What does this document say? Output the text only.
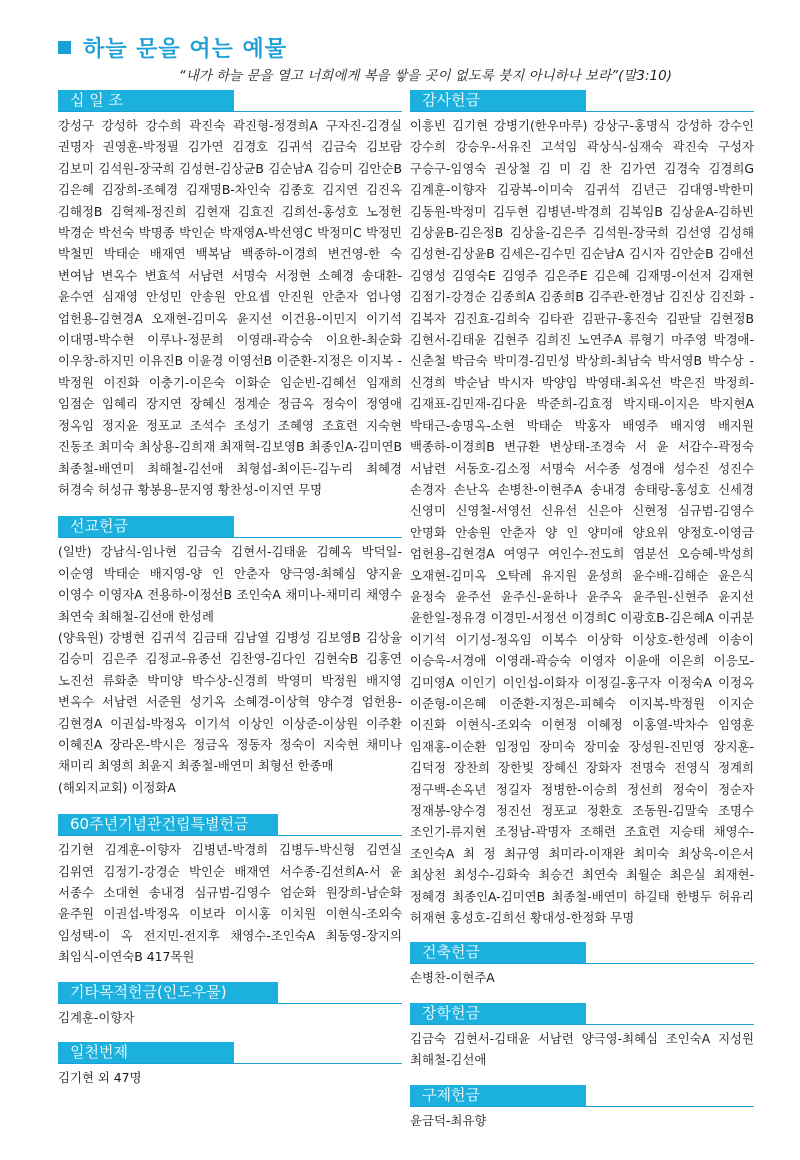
하늘 문을 여는 예물
“내가 하늘 문을 열고 너희에게 복을 쌓을 곳이 없도록 붓지 아니하나 보라”(말3:10)
십 일 조

강성구 강성하 강수희 곽진숙 곽진형-정경희A 구자진-김경실 권명자 권영훈-박정필 김가연 김경호 김귀석 김금숙 김보람 김보미 김석원-장국희 김성현-김상균B 김순남A 김승미 김안순B 김은혜 김장희-조혜경 김재명B-차인숙 김종호 김지연 김진옥 김해정B 김혁제-정진희 김현재 김효진 김희선-홍성호 노정헌 박경순 박선숙 박명종 박인순 박재영A-박선영C 박정미C 박정민 박철민 박태순 배재연 백복남 백종하-이경희 변건영-한 숙 변여남 변옥수 변효석 서남련 서명숙 서정현 소혜경 송대환-윤수연 심재영 안성민 안송원 안요셉 안진원 안춘자 엄나영 엄헌용-김현경A 오재현-김미옥 윤지선 이건용-이민지 이기석 이대명-박수현 이루나-정문희 이영래-곽승숙 이요한-최순화 이우창-하지민 이유진B 이윤경 이영선B 이준환-지정은 이지복 -박정원 이진화 이충기-이은숙 이화순 임순빈-김혜선 임재희 임점순 임혜리 장지연 장혜신 정계순 정금옥 정숙이 정영애 정옥임 정지윤 정포교 조석수 조성기 조혜영 조효련 지숙현 진동조 최미숙 최상용-김희재 최재혁-김보영B 최종인A-김미연B 최종철-배연미 최해철-김선애 최형섭-최이든-김누리 최혜경 허경숙 허성규 황봉용-문지영 황찬성-이지연 무명

선교헌금

(일반) 강남식-임나현 김금숙 김현서-김태윤 김혜옥 박덕일-이순영 박태순 배지영-양 인 안춘자 양극영-최혜심 양지윤 이영수 이영자A 전용하-이정선B 조인숙A 채미나-채미리 채영수 최연숙 최해철-김선애 한성례

(양육원) 강병현 김귀석 김금태 김남열 김병성 김보영B 김상율 김승미 김은주 김정교-유종선 김찬영-김다인 김현숙B 김홍연 노진선 류화춘 박미양 박수상-신경희 박영미 박정원 배지영 변옥수 서남련 서준원 성기옥 소혜경-이상혁 양수경 엄헌용-김현경A 이권섭-박정옥 이기석 이상인 이상준-이상원 이주환 이혜진A 장라온-박시은 정금옥 정동자 정숙이 지숙현 채미나 채미리 최영희 최윤지 최종철-배연미 최형선 한종매

(해외지교회) 이정화A

60주년기념관건립특별헌금

김기현 김계훈-이향자 김병년-박경희 김병두-박신형 김연실 김위연 김정기-강경순 박인순 배재연 서수종-김선희A-서 윤 서종수 소대현 송내경 심규범-김영수 엄순화 원장희-남순화 윤주원 이권섭-박정옥 이보라 이시홍 이치원 이현식-조외숙 임성택-이 옥 전지민-전지후 채영수-조인숙A 최동영-장지의 최임식-이연숙B 417목원

기타목적헌금(인도우물)

김계훈-이향자

일천번제

김기현 외 47명

감사헌금

이흥빈 김기현 강병기(한우마루) 강상구-홍명식 강성하 강수인 강수희 강승우-서유진 고석임 곽상식-심재숙 곽진숙 구성자 구승구-임영숙 권상철 김 미 김 찬 김가연 김경숙 김경희G 김계훈-이향자 김광복-이미숙 김귀석 김년근 김대영-박한미 김동원-박정미 김두현 김병년-박경희 김복임B 김상윤A-김하빈 김상윤B-김은정B 김상율-김은주 김석원-장국희 김선영 김성해 김성현-김상윤B 김세은-김수민 김순남A 김시자 김안순B 김애선 김영성 김영숙E 김영주 김은주E 김은혜 김재명-이선저 김재현 김점기-강경순 김종희A 김종희B 김주관-한경남 김진상 김진화 -김복자 김진효-김희숙 김타관 김판규-홍진숙 김판달 김현정B 김현서-김태윤 김현주 김희진 노연주A 류형기 마주영 박경애-신춘철 박금숙 박미경-김민성 박상희-최남숙 박서영B 박수상 -신경희 박순남 박시자 박양임 박영태-최옥선 박은진 박정희-김재표-김민재-김다윤 박준희-김효정 박지태-이지은 박지현A 박태근-송명옥-소현 박태순 박홍자 배영주 배지영 배지원 백종하-이경희B 변규환 변상태-조경숙 서 윤 서감수-곽정숙 서남련 서동호-김소정 서명숙 서수종 성경애 성수진 성진수 손경자 손난옥 손병찬-이현주A 송내경 송태랑-홍성호 신세경 신영미 신영철-서영선 신유선 신은아 신현정 심규범-김영수 안명화 안송원 안춘자 양 인 양미애 양요위 양정호-이영금 엄헌용-김현경A 여영구 여인수-전도희 염분선 오승혜-박성희 오재현-김미옥 오탁례 유지원 윤성희 윤수배-김해순 윤은식 윤정숙 윤주선 윤주신-윤하나 윤주옥 윤주원-신현주 윤지선 윤한일-정유경 이경민-서정선 이경희C 이광호B-김은혜A 이귀분 이기석 이기성-정옥임 이복수 이상학 이상호-한성례 이송이 이승욱-서경애 이영래-곽승숙 이영자 이윤애 이은희 이응모-김미영A 이인기 이인섭-이화자 이정길-홍구자 이정숙A 이정옥 이준형-이은혜 이준환-지정은-피혜숙 이지복-박정원 이지순 이진화 이현식-조외숙 이현정 이혜정 이홍열-박차수 임영훈 임재홍-이순환 임정임 장미숙 장미숲 장성원-진민영 장지훈-김덕정 장찬희 장한빛 장혜신 장화자 전명숙 전영식 정계희 정구백-손옥년 정길자 정병한-이승희 정선희 정숙이 정순자 정재봉-양수경 정진선 정포교 정환호 조동원-김말숙 조명수 조인기-류지현 조정남-곽명자 조해련 조효련 지승태 채영수-조인숙A 최 정 최규영 최미라-이재완 최미숙 최상욱-이은서 최상천 최성수-김화숙 최승건 최연숙 최월순 최은실 최재현-정혜경 최종인A-김미연B 최종철-배연미 하길태 한병두 허유리 허재현 홍성호-김희선 황대성-한정화 무명

건축헌금

손병찬-이현주A

장학헌금

김금숙 김현서-김태윤 서남련 양극영-최혜심 조인숙A 지성원 최해철-김선애

구제헌금

윤금덕-최유향
